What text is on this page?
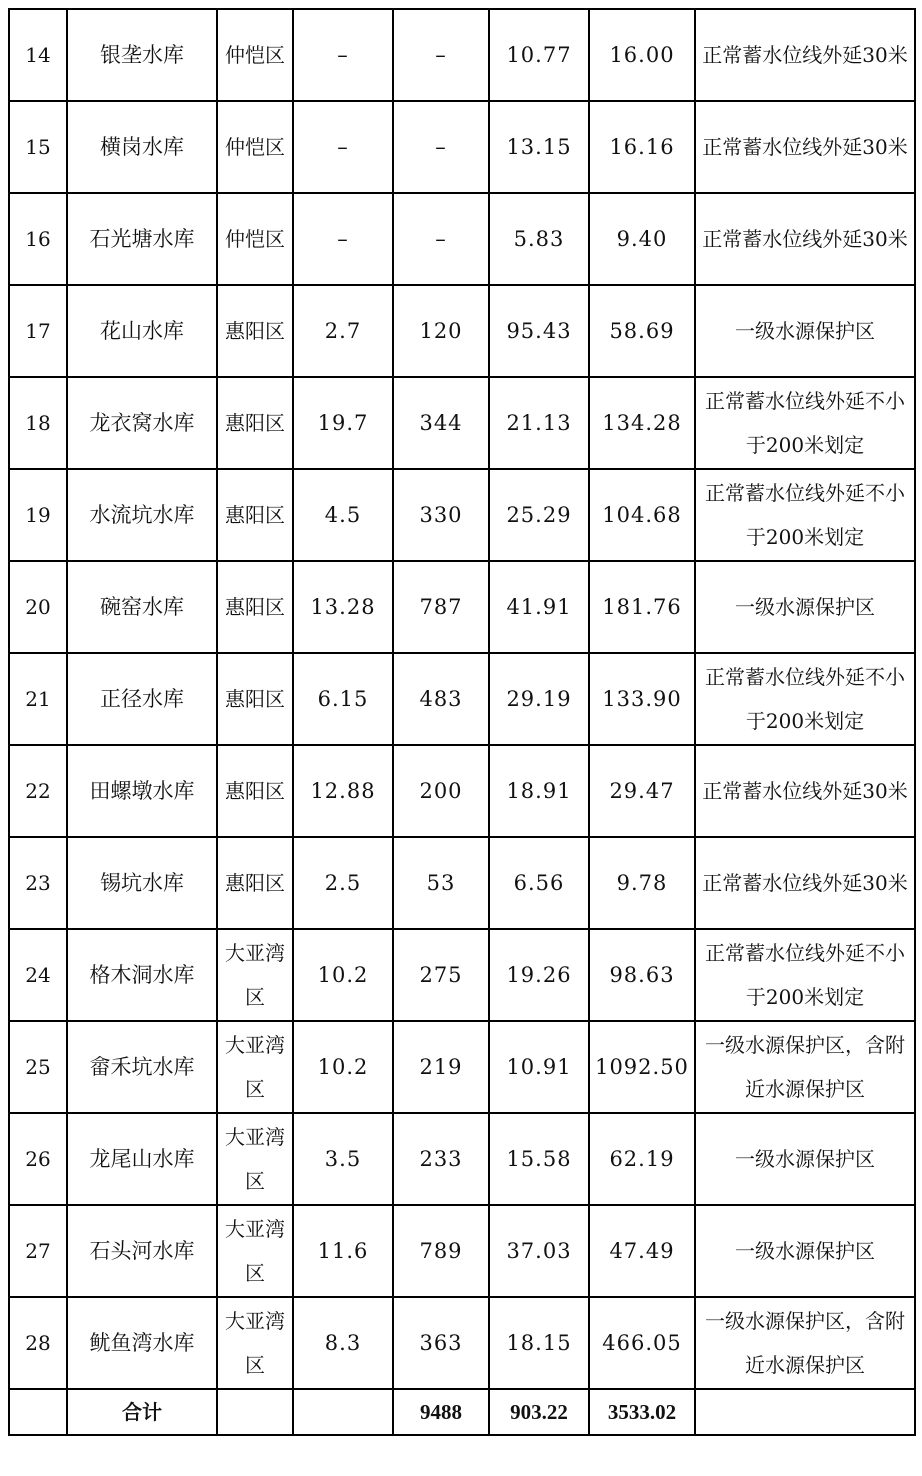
14	银垄水库	仲恺区	–	–	10.77	16.00	正常蓄水位线外延30米
15	横岗水库	仲恺区	–	–	13.15	16.16	正常蓄水位线外延30米
16	石光塘水库	仲恺区	–	–	5.83	9.40	正常蓄水位线外延30米
17	花山水库	惠阳区	2.7	120	95.43	58.69	一级水源保护区
18	龙衣窝水库	惠阳区	19.7	344	21.13	134.28	正常蓄水位线外延不小于200米划定
19	水流坑水库	惠阳区	4.5	330	25.29	104.68	正常蓄水位线外延不小于200米划定
20	碗窑水库	惠阳区	13.28	787	41.91	181.76	一级水源保护区
21	正径水库	惠阳区	6.15	483	29.19	133.90	正常蓄水位线外延不小于200米划定
22	田螺墩水库	惠阳区	12.88	200	18.91	29.47	正常蓄水位线外延30米
23	锡坑水库	惠阳区	2.5	53	6.56	9.78	正常蓄水位线外延30米
24	格木洞水库	大亚湾区	10.2	275	19.26	98.63	正常蓄水位线外延不小于200米划定
25	畲禾坑水库	大亚湾区	10.2	219	10.91	1092.50	一级水源保护区，含附近水源保护区
26	龙尾山水库	大亚湾区	3.5	233	15.58	62.19	一级水源保护区
27	石头河水库	大亚湾区	11.6	789	37.03	47.49	一级水源保护区
28	鱿鱼湾水库	大亚湾区	8.3	363	18.15	466.05	一级水源保护区，含附近水源保护区
	合计			9488	903.22	3533.02	
